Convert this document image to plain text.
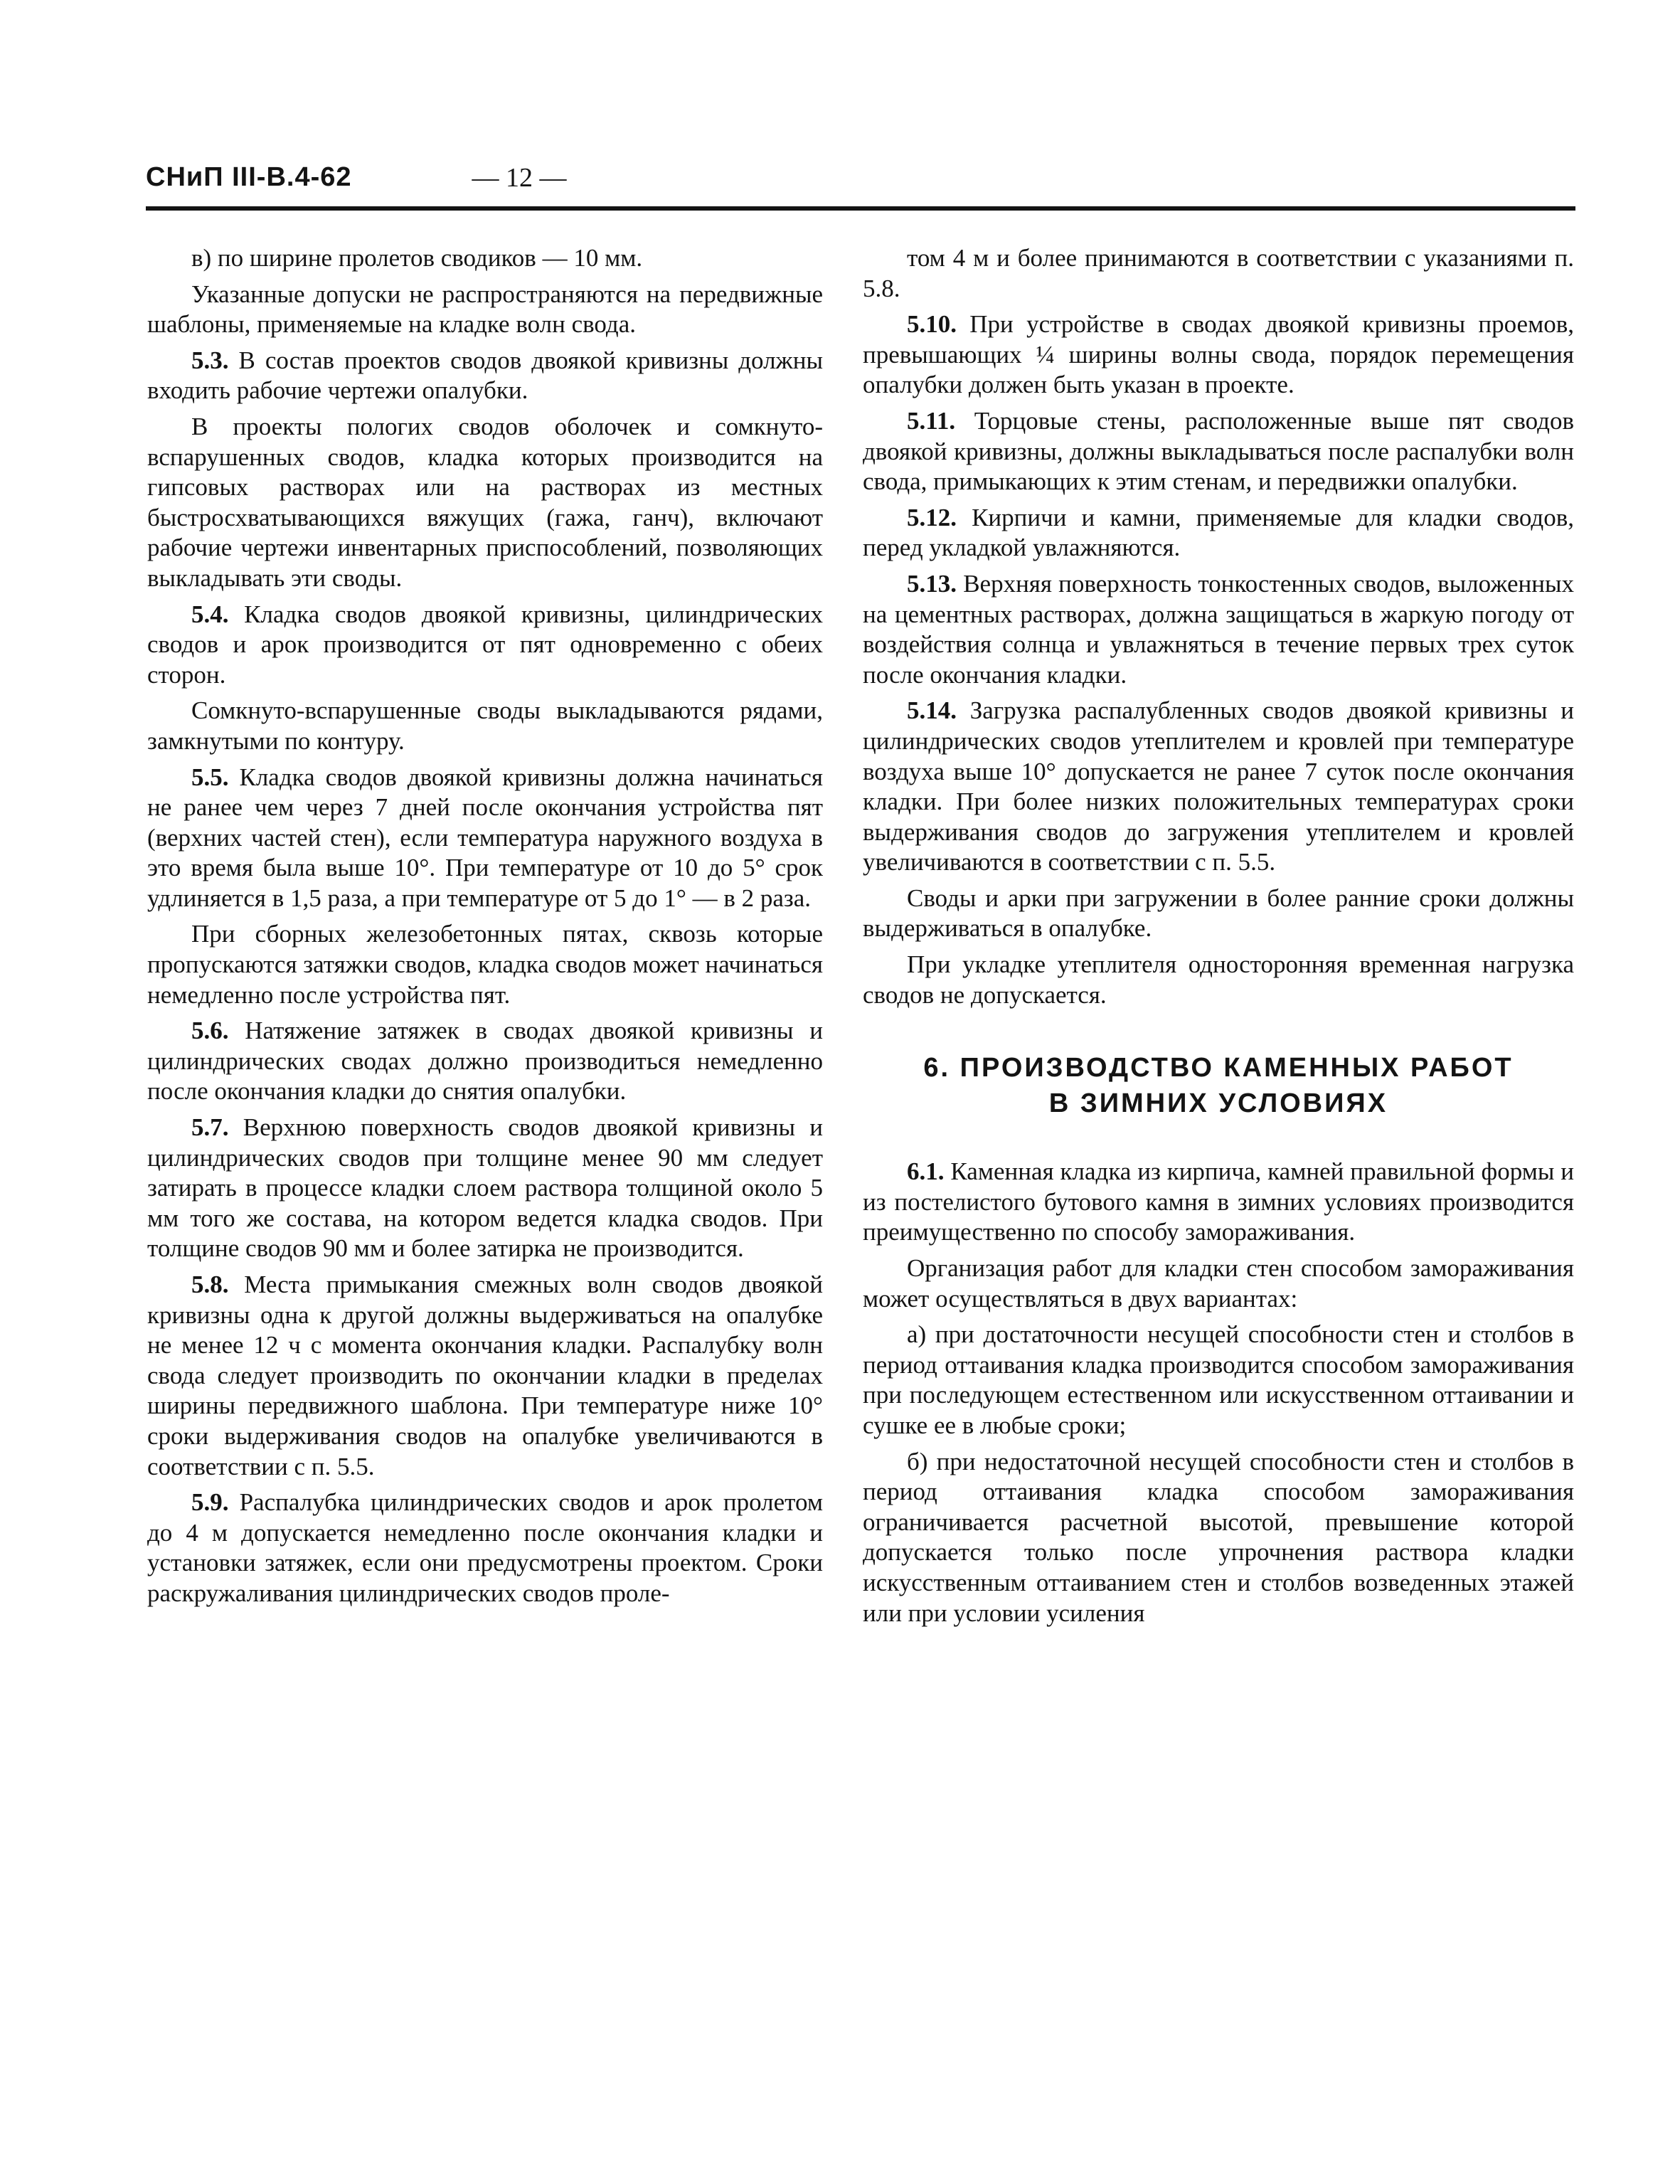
СНиП III-В.4-62	— 12 —

в) по ширине пролетов сводиков — 10 мм.

Указанные допуски не распространяются на передвижные шаблоны, применяемые на кладке волн свода.

5.3. В состав проектов сводов двоякой кривизны должны входить рабочие чертежи опалубки.

В проекты пологих сводов оболочек и сомкнуто-вспарушенных сводов, кладка которых производится на гипсовых растворах или на растворах из местных быстросхватывающихся вяжущих (гажа, ганч), включают рабочие чертежи инвентарных приспособлений, позволяющих выкладывать эти своды.

5.4. Кладка сводов двоякой кривизны, цилиндрических сводов и арок производится от пят одновременно с обеих сторон.

Сомкнуто-вспарушенные своды выкладываются рядами, замкнутыми по контуру.

5.5. Кладка сводов двоякой кривизны должна начинаться не ранее чем через 7 дней после окончания устройства пят (верхних частей стен), если температура наружного воздуха в это время была выше 10°. При температуре от 10 до 5° срок удлиняется в 1,5 раза, а при температуре от 5 до 1° — в 2 раза.

При сборных железобетонных пятах, сквозь которые пропускаются затяжки сводов, кладка сводов может начинаться немедленно после устройства пят.

5.6. Натяжение затяжек в сводах двоякой кривизны и цилиндрических сводах должно производиться немедленно после окончания кладки до снятия опалубки.

5.7. Верхнюю поверхность сводов двоякой кривизны и цилиндрических сводов при толщине менее 90 мм следует затирать в процессе кладки слоем раствора толщиной около 5 мм того же состава, на котором ведется кладка сводов. При толщине сводов 90 мм и более затирка не производится.

5.8. Места примыкания смежных волн сводов двоякой кривизны одна к другой должны выдерживаться на опалубке не менее 12 ч с момента окончания кладки. Распалубку волн свода следует производить по окончании кладки в пределах ширины передвижного шаблона. При температуре ниже 10° сроки выдерживания сводов на опалубке увеличиваются в соответствии с п. 5.5.

5.9. Распалубка цилиндрических сводов и арок пролетом до 4 м допускается немедленно после окончания кладки и установки затяжек, если они предусмотрены проектом. Сроки раскружаливания цилиндрических сводов проле-

том 4 м и более принимаются в соответствии с указаниями п. 5.8.

5.10. При устройстве в сводах двоякой кривизны проемов, превышающих ¼ ширины волны свода, порядок перемещения опалубки должен быть указан в проекте.

5.11. Торцовые стены, расположенные выше пят сводов двоякой кривизны, должны выкладываться после распалубки волн свода, примыкающих к этим стенам, и передвижки опалубки.

5.12. Кирпичи и камни, применяемые для кладки сводов, перед укладкой увлажняются.

5.13. Верхняя поверхность тонкостенных сводов, выложенных на цементных растворах, должна защищаться в жаркую погоду от воздействия солнца и увлажняться в течение первых трех суток после окончания кладки.

5.14. Загрузка распалубленных сводов двоякой кривизны и цилиндрических сводов утеплителем и кровлей при температуре воздуха выше 10° допускается не ранее 7 суток после окончания кладки. При более низких положительных температурах сроки выдерживания сводов до загружения утеплителем и кровлей увеличиваются в соответствии с п. 5.5.

Своды и арки при загружении в более ранние сроки должны выдерживаться в опалубке.

При укладке утеплителя односторонняя временная нагрузка сводов не допускается.

6. ПРОИЗВОДСТВО КАМЕННЫХ РАБОТ
В ЗИМНИХ УСЛОВИЯХ

6.1. Каменная кладка из кирпича, камней правильной формы и из постелистого бутового камня в зимних условиях производится преимущественно по способу замораживания.

Организация работ для кладки стен способом замораживания может осуществляться в двух вариантах:

а) при достаточности несущей способности стен и столбов в период оттаивания кладка производится способом замораживания при последующем естественном или искусственном оттаивании и сушке ее в любые сроки;

б) при недостаточной несущей способности стен и столбов в период оттаивания кладка способом замораживания ограничивается расчетной высотой, превышение которой допускается только после упрочнения раствора кладки искусственным оттаиванием стен и столбов возведенных этажей или при условии усиления
